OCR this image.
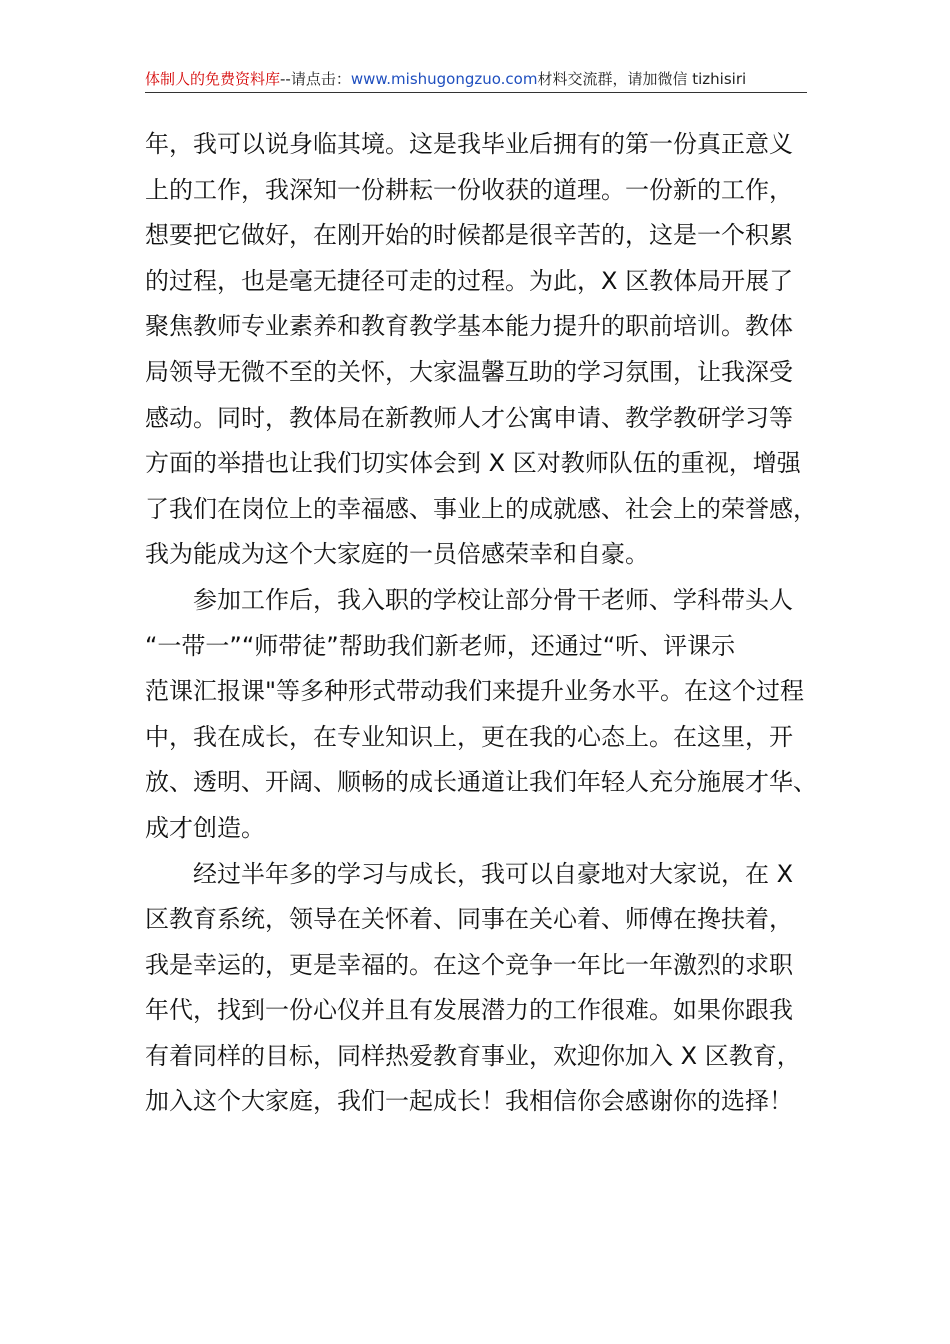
体制人的免费资料库--请点击：www.mishugongzuo.com材料交流群，请加微信 tizhisiri
年，我可以说身临其境。这是我毕业后拥有的第一份真正意义
上的工作，我深知一份耕耘一份收获的道理。一份新的工作，
想要把它做好，在刚开始的时候都是很辛苦的，这是一个积累
的过程，也是毫无捷径可走的过程。为此，X 区教体局开展了
聚焦教师专业素养和教育教学基本能力提升的职前培训。教体
局领导无微不至的关怀，大家温馨互助的学习氛围，让我深受
感动。同时，教体局在新教师人才公寓申请、教学教研学习等
方面的举措也让我们切实体会到 X 区对教师队伍的重视，增强
了我们在岗位上的幸福感、事业上的成就感、社会上的荣誉感，
我为能成为这个大家庭的一员倍感荣幸和自豪。
参加工作后，我入职的学校让部分骨干老师、学科带头人
“一带一”“师带徒”帮助我们新老师，还通过“听、评课示
范课汇报课"等多种形式带动我们来提升业务水平。在这个过程
中，我在成长，在专业知识上，更在我的心态上。在这里，开
放、透明、开阔、顺畅的成长通道让我们年轻人充分施展才华、
成才创造。
经过半年多的学习与成长，我可以自豪地对大家说，在 X
区教育系统，领导在关怀着、同事在关心着、师傅在搀扶着，
我是幸运的，更是幸福的。在这个竞争一年比一年激烈的求职
年代，找到一份心仪并且有发展潜力的工作很难。如果你跟我
有着同样的目标，同样热爱教育事业，欢迎你加入 X 区教育，
加入这个大家庭，我们一起成长！我相信你会感谢你的选择！
